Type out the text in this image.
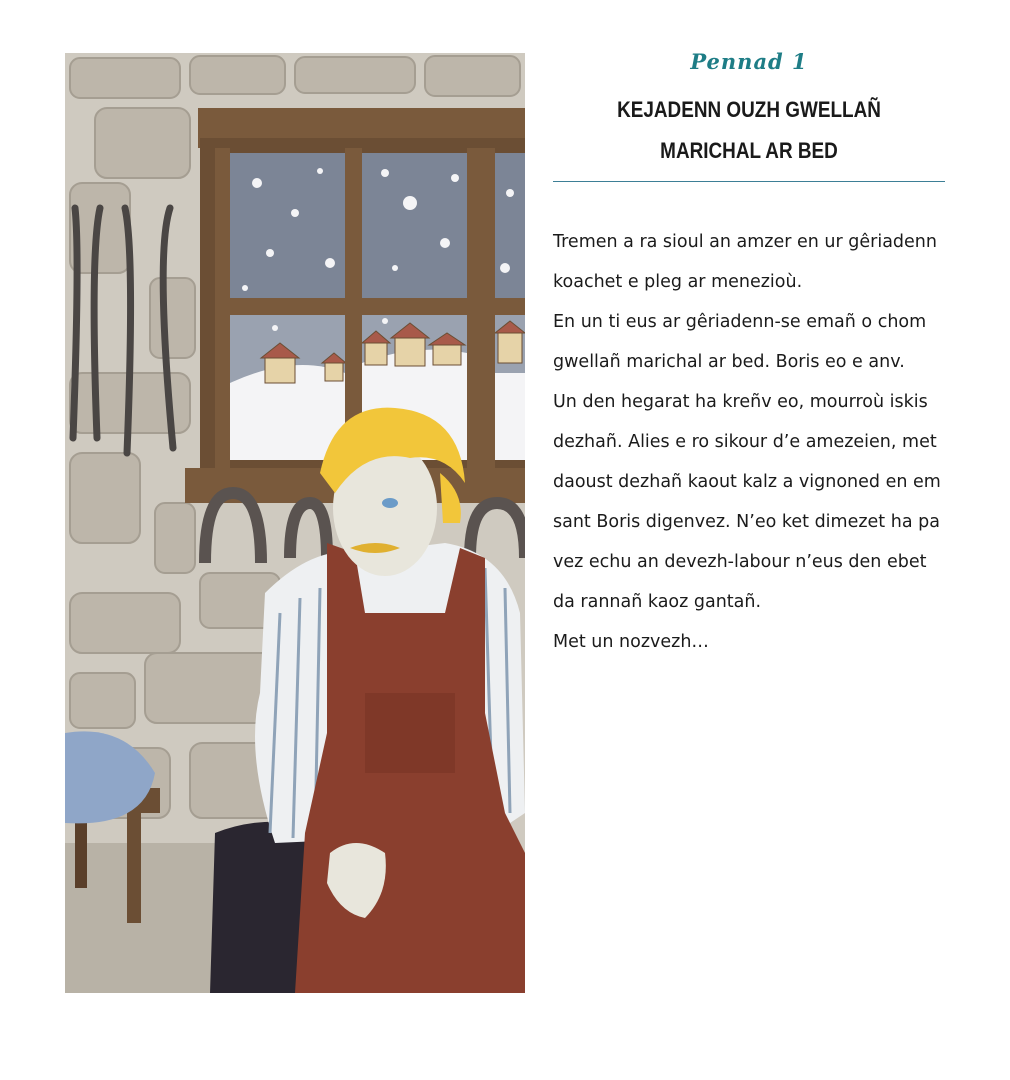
Pennad 1

KEJADENN OUZH GWELLAÑ
MARICHAL AR BED
Tremen a ra sioul an amzer en ur gêriadenn
koachet e pleg ar menezioù.
En un ti eus ar gêriadenn-se emañ o chom
gwellañ marichal ar bed. Boris eo e anv.
Un den hegarat ha kreñv eo, mourroù iskis
dezhañ. Alies e ro sikour d’e amezeien, met
daoust dezhañ kaout kalz a vignoned en em
sant Boris digenvez. N’eo ket dimezet ha pa
vez echu an devezh-labour n’eus den ebet
da rannañ kaoz gantañ.
Met un nozvezh…
